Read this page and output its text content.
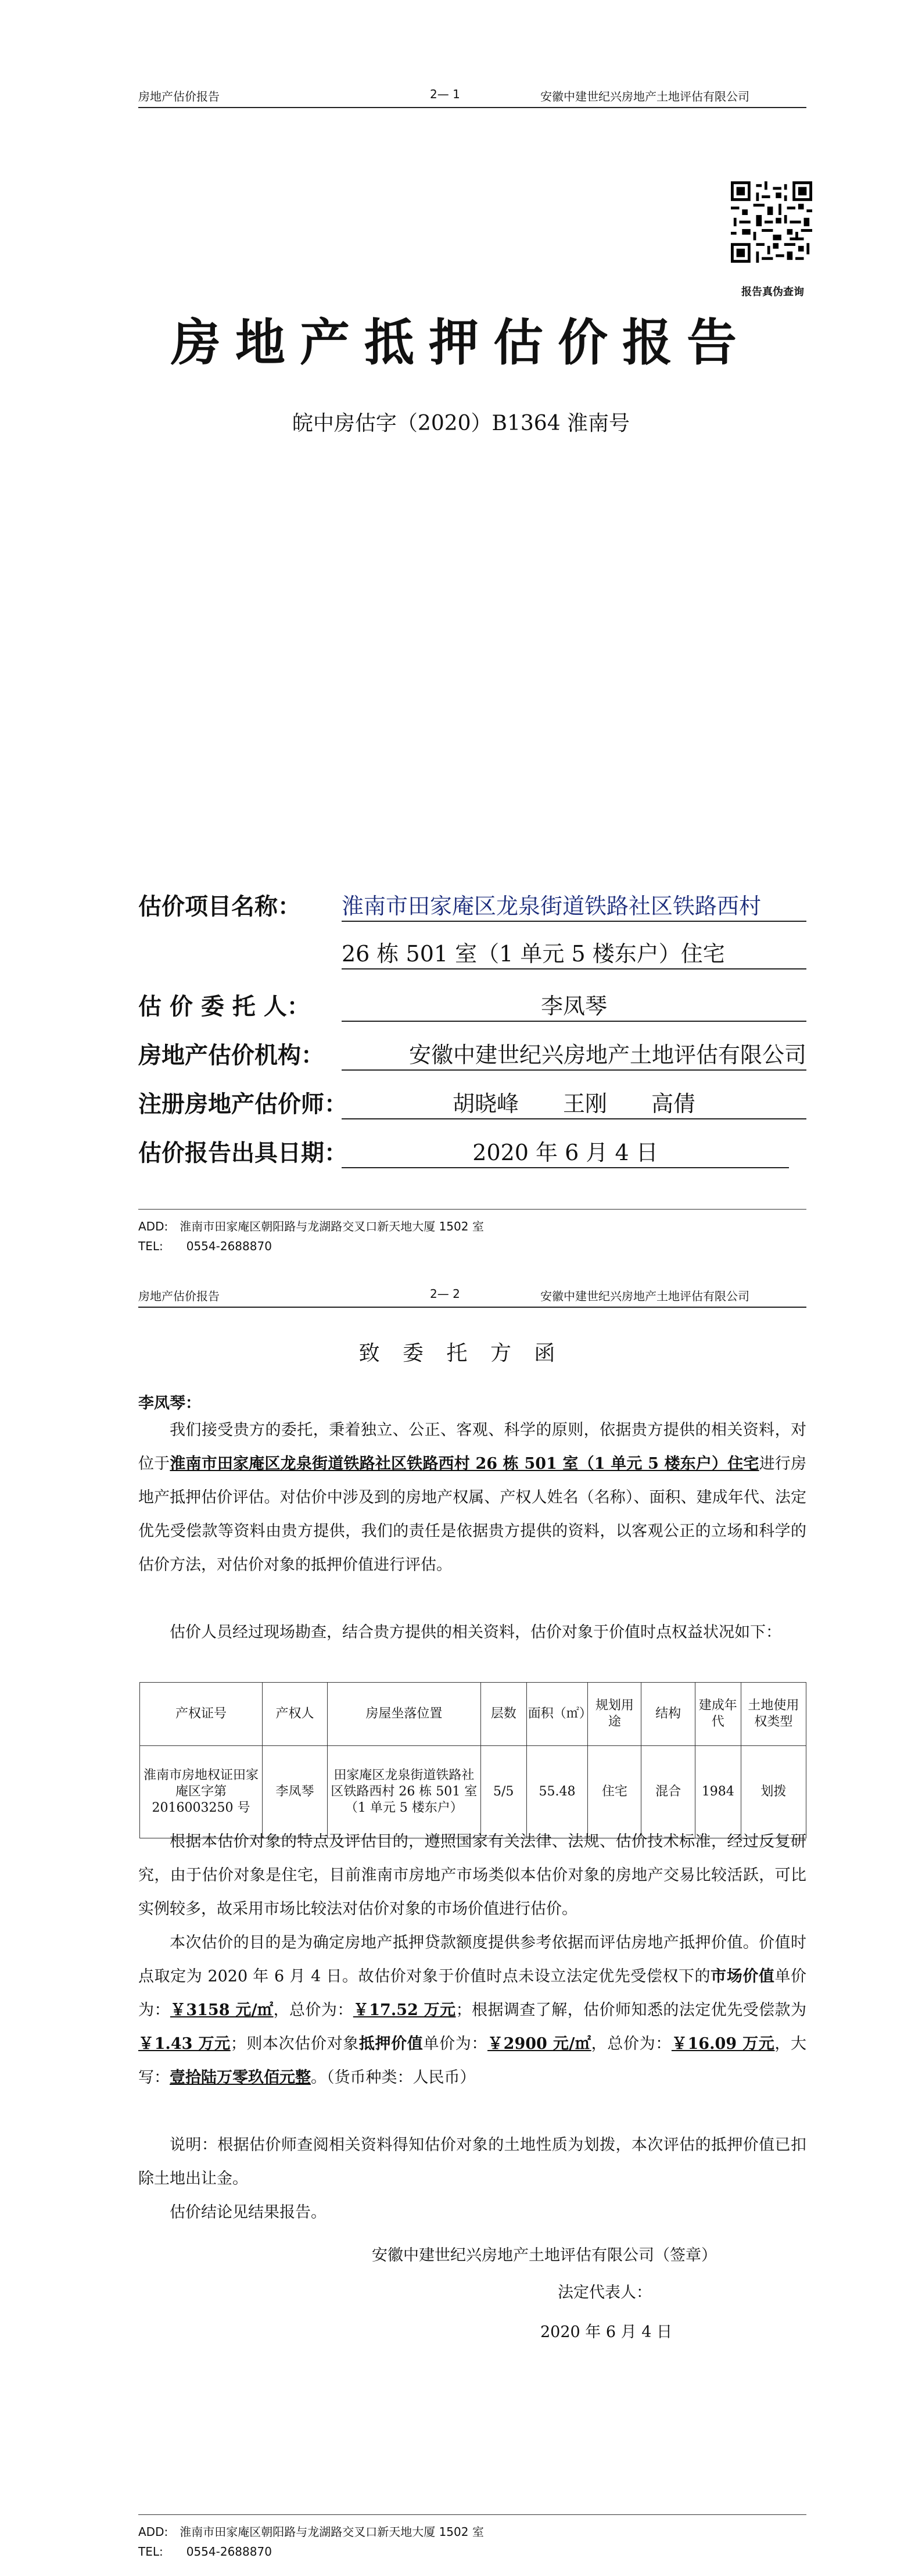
房地产估价报告	2— 1	安徽中建世纪兴房地产土地评估有限公司
报告真伪查询
房地产抵押估价报告
皖中房估字（2020）B1364 淮南号
估价项目名称： 淮南市田家庵区龙泉街道铁路社区铁路西村
26 栋 501 室（1 单元 5 楼东户）住宅
估 价 委 托 人：	李凤琴
房地产估价机构：	安徽中建世纪兴房地产土地评估有限公司
注册房地产估价师：	胡晓峰　　王刚　　高倩
估价报告出具日期：	2020 年 6 月 4 日
ADD:　淮南市田家庵区朝阳路与龙湖路交叉口新天地大厦 1502 室
TEL:　　0554-2688870
房地产估价报告	2— 2	安徽中建世纪兴房地产土地评估有限公司
致 委 托 方 函
李凤琴：
我们接受贵方的委托，秉着独立、公正、客观、科学的原则，依据贵方提供的相关资料，对位于淮南市田家庵区龙泉街道铁路社区铁路西村 26 栋 501 室（1 单元 5 楼东户）住宅进行房地产抵押估价评估。对估价中涉及到的房地产权属、产权人姓名（名称）、面积、建成年代、法定优先受偿款等资料由贵方提供，我们的责任是依据贵方提供的资料，以客观公正的立场和科学的估价方法，对估价对象的抵押价值进行评估。
估价人员经过现场勘查，结合贵方提供的相关资料，估价对象于价值时点权益状况如下：
产权证号	产权人	房屋坐落位置	层数	面积（㎡）	规划用途	结构	建成年代	土地使用权类型
淮南市房地权证田家庵区字第2016003250 号	李凤琴	田家庵区龙泉街道铁路社区铁路西村 26 栋 501 室（1 单元 5 楼东户）	5/5	55.48	住宅	混合	1984	划拨
根据本估价对象的特点及评估目的，遵照国家有关法律、法规、估价技术标准，经过反复研究，由于估价对象是住宅，目前淮南市房地产市场类似本估价对象的房地产交易比较活跃，可比实例较多，故采用市场比较法对估价对象的市场价值进行估价。
本次估价的目的是为确定房地产抵押贷款额度提供参考依据而评估房地产抵押价值。价值时点取定为 2020 年 6 月 4 日。故估价对象于价值时点未设立法定优先受偿权下的市场价值单价为：￥3158 元/㎡，总价为：￥17.52 万元；根据调查了解，估价师知悉的法定优先受偿款为￥1.43 万元；则本次估价对象抵押价值单价为：￥2900 元/㎡，总价为：￥16.09 万元，大写：壹拾陆万零玖佰元整。（货币种类：人民币）
说明：根据估价师查阅相关资料得知估价对象的土地性质为划拨，本次评估的抵押价值已扣除土地出让金。
估价结论见结果报告。
安徽中建世纪兴房地产土地评估有限公司（签章）
法定代表人：
2020 年 6 月 4 日
ADD:　淮南市田家庵区朝阳路与龙湖路交叉口新天地大厦 1502 室
TEL:　　0554-2688870
